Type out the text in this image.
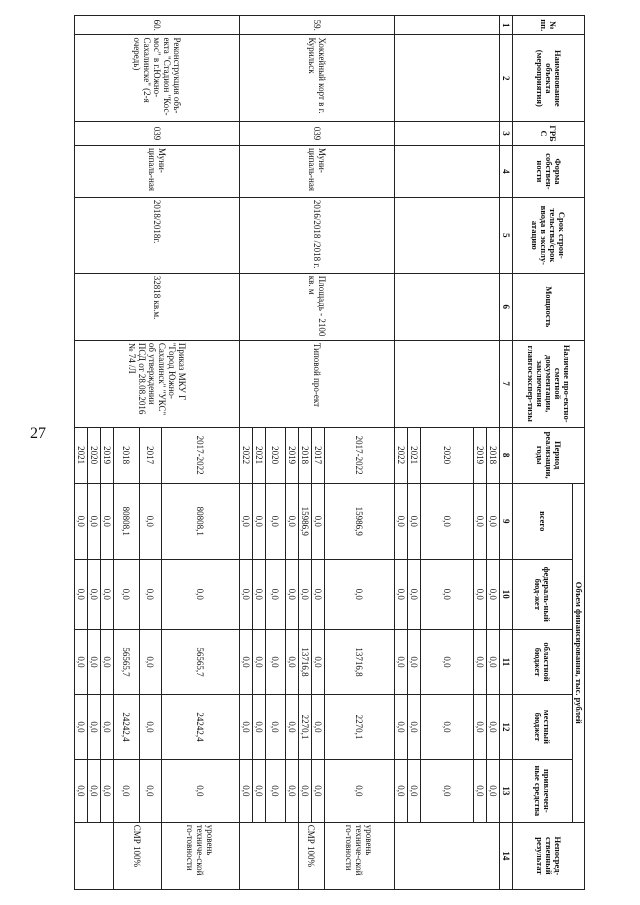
27
№ пп.	Наименование объекта (мероприятия)	ГРБ С	Форма собствен-ности	Срок строи-тельства/срок ввода в эксплу-атацию	Мощность	Наличие про-ектно-сметной документации, заключения главгосэкспер-тизы	Период реализации, годы	Объем финансирования, тыс. рублей					Непосред-ственный результат
								всего	федераль-ный бюд-жет	областной бюджет	местный бюджет	привлечен-ные средства	
1	2	3	4	5	6	7	8	9	10	11	12	13	14
							2018	0,0	0,0	0,0	0,0	0,0	
							2019	0,0	0,0	0,0	0,0	0,0	
							2020	0,0	0,0	0,0	0,0	0,0	
							2021	0,0	0,0	0,0	0,0	0,0	
							2022	0,0	0,0	0,0	0,0	0,0	
59.	Хоккейный корт в г. Курильск	039	Муни-ципаль-ная	2016/2018 /2018 г.	Площадь - 2100 кв. м	Типовой про-ект	2017-2022	15986,9	0,0	13716,8	2270,1	0,0	уровень техниче-ской го-товности
							2017	0,0	0,0	0,0	0,0	0,0	СМР 100%
							2018	15986,9	0,0	13716,8	2270,1	0,0	
							2019	0,0	0,0	0,0	0,0	0,0	
							2020	0,0	0,0	0,0	0,0	0,0	
							2021	0,0	0,0	0,0	0,0	0,0	
							2022	0,0	0,0	0,0	0,0	0,0	
60.	Реконструкция объ-екта "Стадион "Кос-мос" в г.Южно-Сахалинске" (2-я очередь)	039	Муни-ципаль-ная	2018/2018г.	32818 кв.м.	Приказ МКУ Г "Город Южно-Сахалинск" "УКС" об утверждении ПСД от 28.08.2016 № 74 /Л	2017-2022	80808,1	0,0	56565,7	24242,4	0,0	уровень техниче-ской го-товности
							2017	0,0	0,0	0,0	0,0	0,0	СМР 100%
							2018	80808,1	0,0	56565,7	24242,4	0,0	
							2019	0,0	0,0	0,0	0,0	0,0	
							2020	0,0	0,0	0,0	0,0	0,0	
							2021	0,0	0,0	0,0	0,0	0,0	
